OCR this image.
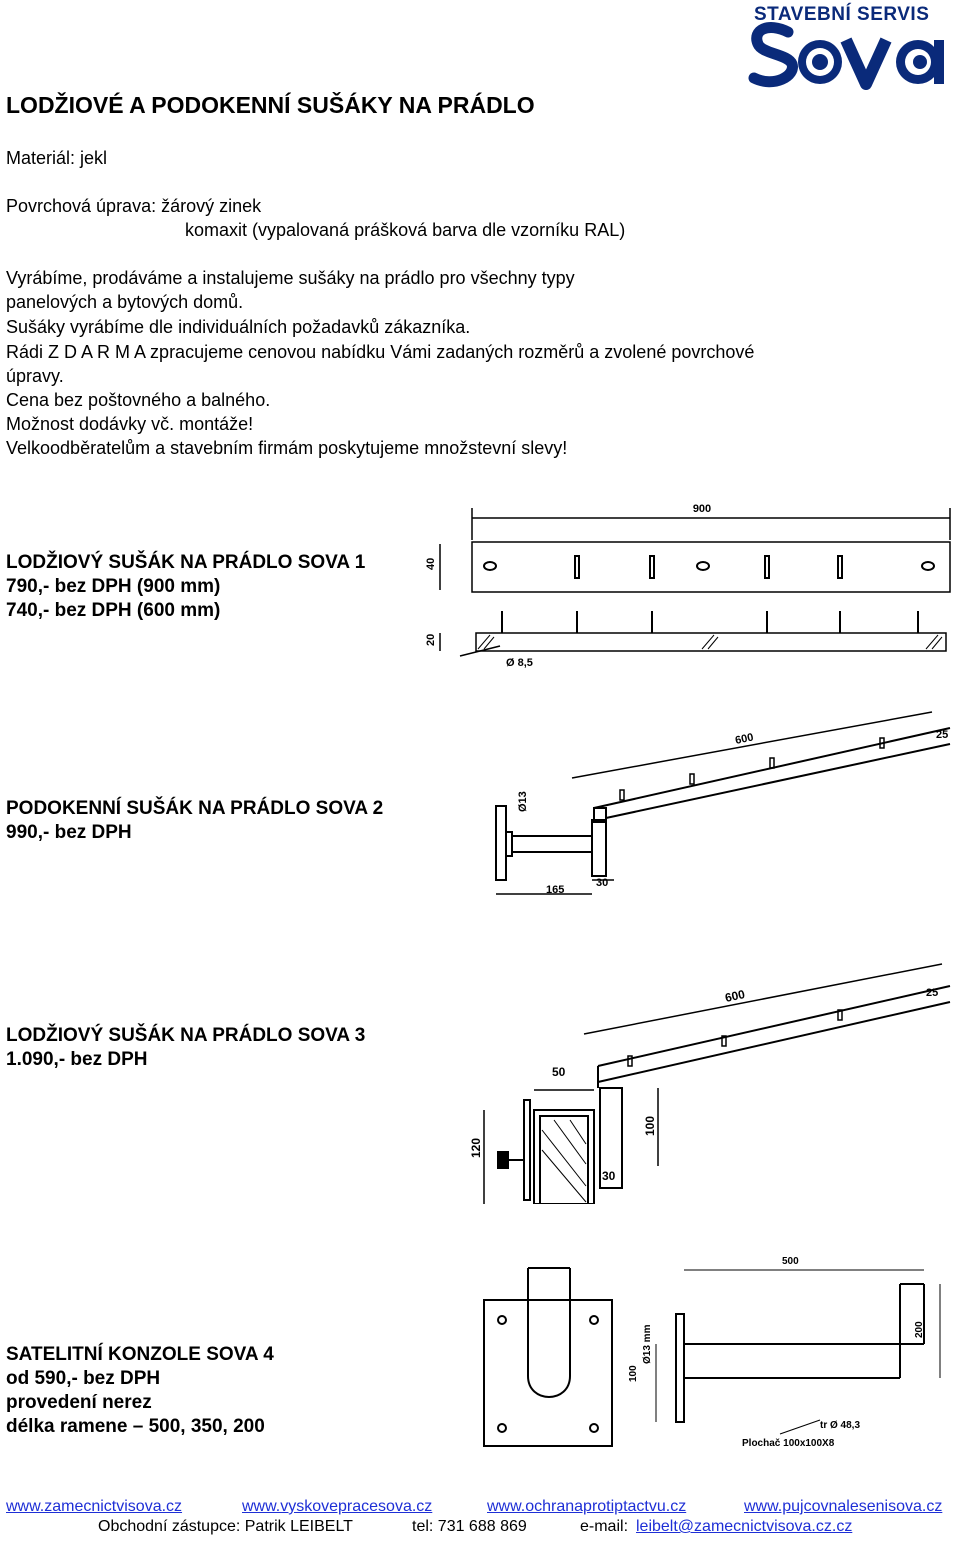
STAVEBNÍ SERVIS
LODŽIOVÉ A PODOKENNÍ SUŠÁKY NA PRÁDLO
Materiál: jekl
Povrchová úprava: žárový zinek
komaxit (vypalovaná prášková barva dle vzorníku RAL)
Vyrábíme, prodáváme a instalujeme sušáky na prádlo pro všechny typy
panelových a bytových domů.
Sušáky vyrábíme dle individuálních požadavků zákazníka.
Rádi Z D A R M A zpracujeme cenovou nabídku Vámi zadaných rozměrů a zvolené povrchové
úpravy.
Cena bez poštovného a balného.
Možnost dodávky vč. montáže!
Velkoodběratelům a stavebním firmám poskytujeme množstevní slevy!
LODŽIOVÝ SUŠÁK NA PRÁDLO SOVA 1
790,- bez DPH (900 mm)
740,- bez DPH (600 mm)
900
40
20
Ø 8,5
PODOKENNÍ SUŠÁK NA PRÁDLO SOVA 2
990,- bez DPH
600	25
Ø13
165
30
LODŽIOVÝ SUŠÁK NA PRÁDLO SOVA 3
1.090,- bez DPH
600	25
50
120
100
30
SATELITNÍ KONZOLE SOVA 4
od 590,- bez DPH
provedení nerez
délka ramene – 500, 350, 200
500
200
Ø13 mm
100
tr Ø 48,3
Plochač 100x100X8
www.zamecnictvisova.cz	www.vyskovepracesova.cz	www.ochranaprotiptactvu.cz	www.pujcovnalesenisova.cz
Obchodní zástupce: Patrik LEIBELT	tel: 731 688 869	e-mail: leibelt@zamecnictvisova.cz.cz
